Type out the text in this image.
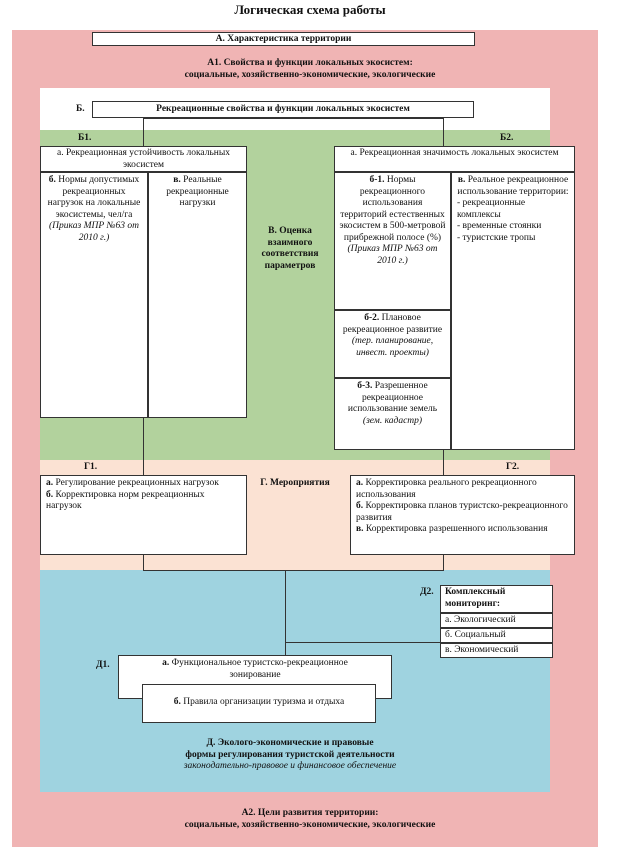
Логическая схема работы
А. Характеристика территории

А1. Свойства и функции локальных экосистем:

социальные, хозяйственно-экономические, экологические

Б.	Рекреационные свойства и функции локальных экосистем
Б1.
а. Рекреационная устойчивость локальных экосистем
б. Нормы допустимых рекреационных нагрузок на локальные экосистемы, чел/га (Приказ МПР №63 от 2010 г.)
в. Реальные рекреационные нагрузки

В. Оценка

взаимного

соответствия

параметров

Б2.
а. Рекреационная значимость локальных экосистем
б-1. Нормы рекреационного использования территорий естественных экосистем в 500-метровой прибрежной полосе (%) (Приказ МПР №63 от 2010 г.)
б-2. Плановое рекреационное развитие (тер. планирование, инвест. проекты)
б-3. Разрешенное рекреационное использование земель (зем. кадастр)

в. Реальное рекреационное использование территории:

- рекреационные комплексы

- временные стоянки

- туристские тропы

Г1.

а. Регулирование рекреационных нагрузок

б. Корректировка норм рекреационных нагрузок

Г. Мероприятия
Г2.

а. Корректировка реального рекреационного использования

б. Корректировка планов туристско-рекреационного развития

в. Корректировка разрешенного использования

Д2.	Комплексный мониторинг:
а. Экологический
б. Социальный
в. Экономический
Д1.	а. Функциональное туристско-рекреационное зонирование
б. Правила организации туризма и отдыха

Д. Эколого-экономические и правовые

формы регулирования туристской деятельности

законодательно-правовое и финансовое обеспечение

А2. Цели развития территории:

социальные, хозяйственно-экономические, экологические
